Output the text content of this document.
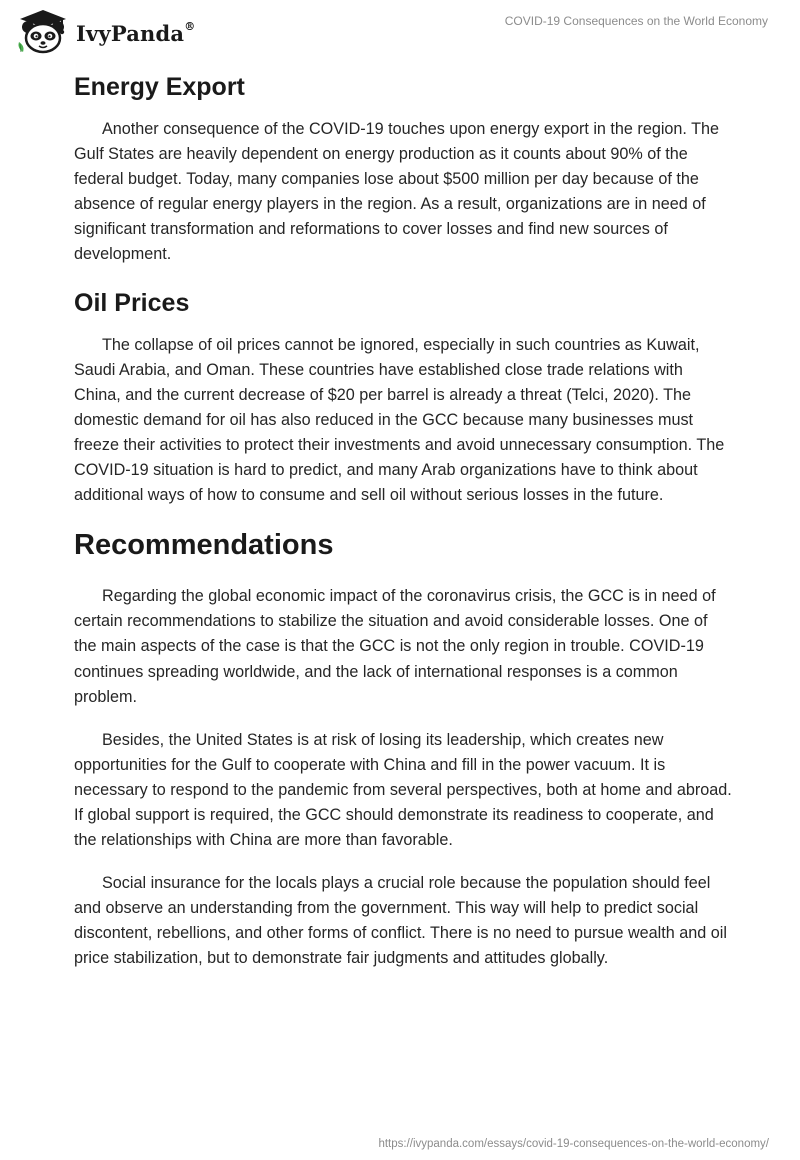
IvyPanda®	COVID-19 Consequences on the World Economy
Energy Export

Another consequence of the COVID-19 touches upon energy export in the region. The Gulf States are heavily dependent on energy production as it counts about 90% of the federal budget. Today, many companies lose about $500 million per day because of the absence of regular energy players in the region. As a result, organizations are in need of significant transformation and reformations to cover losses and find new sources of development.

Oil Prices

The collapse of oil prices cannot be ignored, especially in such countries as Kuwait, Saudi Arabia, and Oman. These countries have established close trade relations with China, and the current decrease of $20 per barrel is already a threat (Telci, 2020). The domestic demand for oil has also reduced in the GCC because many businesses must freeze their activities to protect their investments and avoid unnecessary consumption. The COVID-19 situation is hard to predict, and many Arab organizations have to think about additional ways of how to consume and sell oil without serious losses in the future.

Recommendations

Regarding the global economic impact of the coronavirus crisis, the GCC is in need of certain recommendations to stabilize the situation and avoid considerable losses. One of the main aspects of the case is that the GCC is not the only region in trouble. COVID-19 continues spreading worldwide, and the lack of international responses is a common problem.

Besides, the United States is at risk of losing its leadership, which creates new opportunities for the Gulf to cooperate with China and fill in the power vacuum. It is necessary to respond to the pandemic from several perspectives, both at home and abroad. If global support is required, the GCC should demonstrate its readiness to cooperate, and the relationships with China are more than favorable.

Social insurance for the locals plays a crucial role because the population should feel and observe an understanding from the government. This way will help to predict social discontent, rebellions, and other forms of conflict. There is no need to pursue wealth and oil price stabilization, but to demonstrate fair judgments and attitudes globally.

https://ivypanda.com/essays/covid-19-consequences-on-the-world-economy/
